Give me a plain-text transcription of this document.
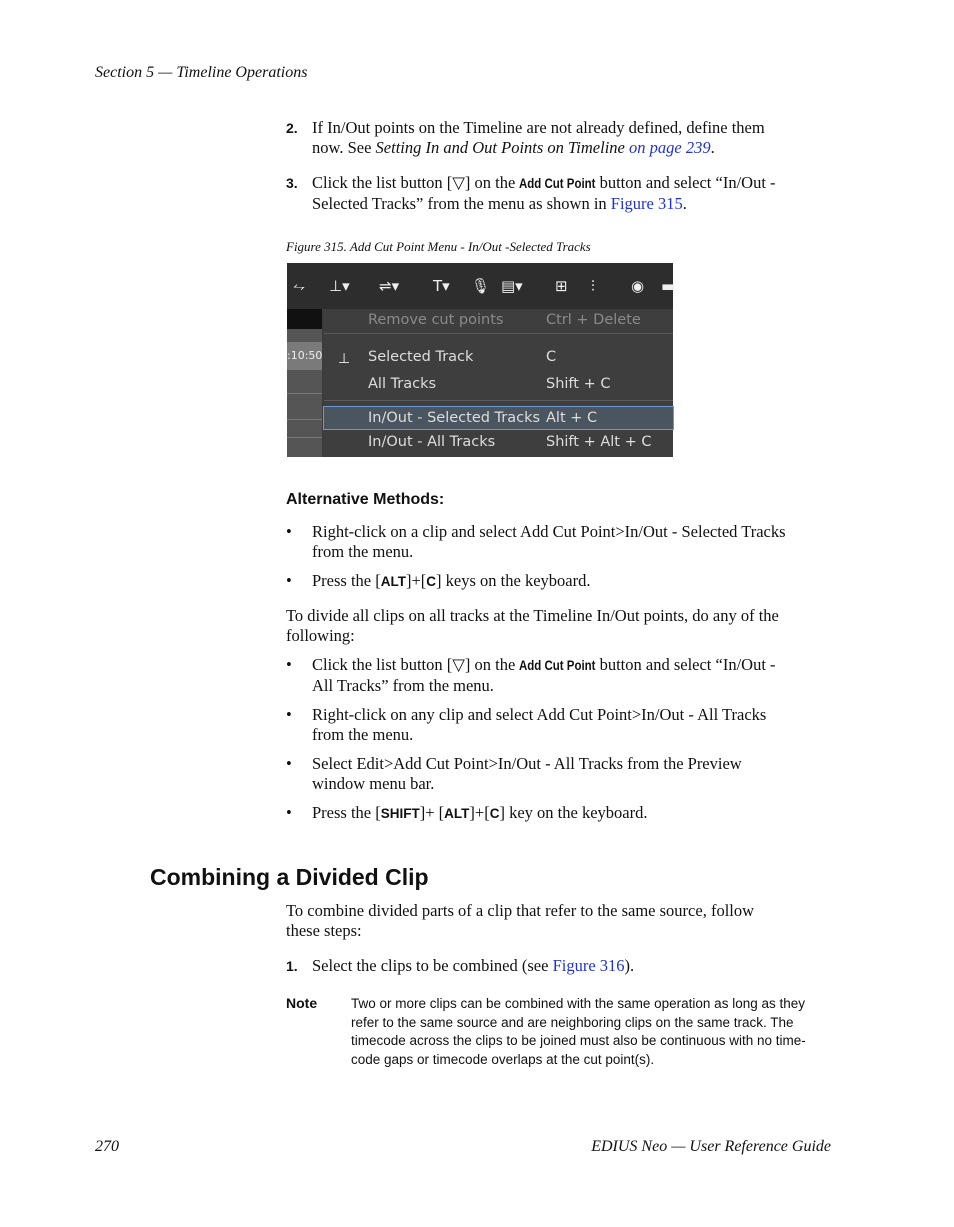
Section 5 — Timeline Operations
2. If In/Out points on the Timeline are not already defined, define them
now. See Setting In and Out Points on Timeline on page 239.
3. Click the list button [▽] on the Add Cut Point button and select “In/Out -
Selected Tracks” from the menu as shown in Figure 315.
Figure 315. Add Cut Point Menu - In/Out -Selected Tracks
⥊ ⊥▾ ⇌▾ T▾ 🎙 ▤▾ ⊞ ⫶ ◉ ▬
:10:50
Remove cut points	Ctrl + Delete
⊥ Selected Track	C
All Tracks	Shift + C
In/Out - Selected Tracks Alt + C
In/Out - All Tracks	Shift + Alt + C
Alternative Methods:
• Right-click on a clip and select Add Cut Point>In/Out - Selected Tracks
from the menu.
• Press the [ALT]+[C] keys on the keyboard.
To divide all clips on all tracks at the Timeline In/Out points, do any of the
following:
• Click the list button [▽] on the Add Cut Point button and select “In/Out -
All Tracks” from the menu.
• Right-click on any clip and select Add Cut Point>In/Out - All Tracks
from the menu.
• Select Edit>Add Cut Point>In/Out - All Tracks from the Preview
window menu bar.
• Press the [SHIFT]+ [ALT]+[C] key on the keyboard.
Combining a Divided Clip
To combine divided parts of a clip that refer to the same source, follow
these steps:
1. Select the clips to be combined (see Figure 316).
Note	Two or more clips can be combined with the same operation as long as they
refer to the same source and are neighboring clips on the same track. The
timecode across the clips to be joined must also be continuous with no time-
code gaps or timecode overlaps at the cut point(s).
270	EDIUS Neo — User Reference Guide
